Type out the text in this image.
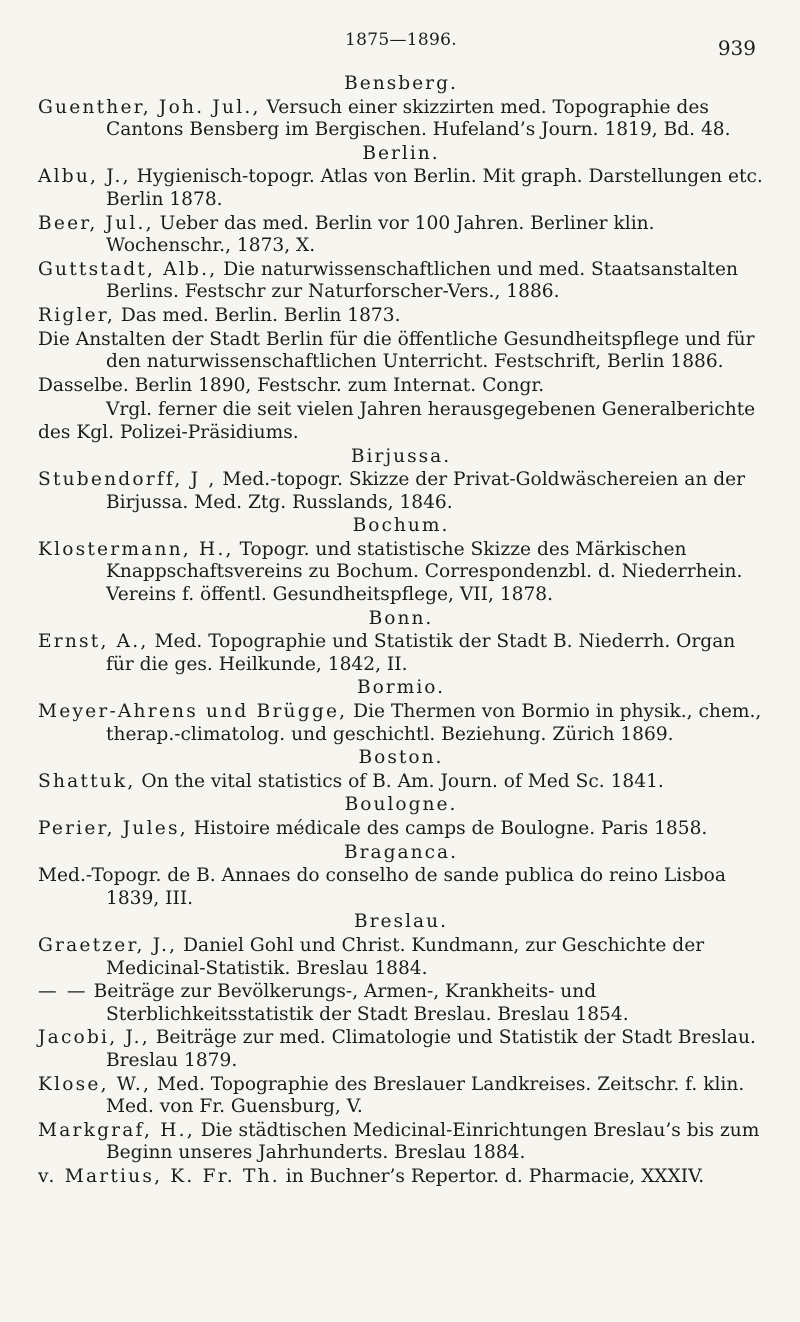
1875—1896.	939
Bensberg.
Guenther, Joh. Jul., Versuch einer skizzirten med. Topographie des Cantons Bensberg im Bergischen. Hufeland’s Journ. 1819, Bd. 48.
Berlin.
Albu, J., Hygienisch-topogr. Atlas von Berlin. Mit graph. Darstellungen etc. Berlin 1878.
Beer, Jul., Ueber das med. Berlin vor 100 Jahren. Berliner klin. Wochenschr., 1873, X.
Guttstadt, Alb., Die naturwissenschaftlichen und med. Staatsanstalten Berlins. Festschr zur Naturforscher-Vers., 1886.
Rigler, Das med. Berlin. Berlin 1873.
Die Anstalten der Stadt Berlin für die öffentliche Gesundheitspflege und für den naturwissenschaftlichen Unterricht. Festschrift, Berlin 1886.
Dasselbe. Berlin 1890, Festschr. zum Internat. Congr.
Vrgl. ferner die seit vielen Jahren herausgegebenen Generalberichte des Kgl. Polizei-Präsidiums.
Birjussa.
Stubendorff, J , Med.-topogr. Skizze der Privat-Goldwäschereien an der Birjussa. Med. Ztg. Russlands, 1846.
Bochum.
Klostermann, H., Topogr. und statistische Skizze des Märkischen Knappschaftsvereins zu Bochum. Correspondenzbl. d. Niederrhein. Vereins f. öffentl. Gesundheitspflege, VII, 1878.
Bonn.
Ernst, A., Med. Topographie und Statistik der Stadt B. Niederrh. Organ für die ges. Heilkunde, 1842, II.
Bormio.
Meyer-Ahrens und Brügge, Die Thermen von Bormio in physik., chem., therap.-climatolog. und geschichtl. Beziehung. Zürich 1869.
Boston.
Shattuk, On the vital statistics of B. Am. Journ. of Med Sc. 1841.
Boulogne.
Perier, Jules, Histoire médicale des camps de Boulogne. Paris 1858.
Braganca.
Med.-Topogr. de B. Annaes do conselho de sande publica do reino Lisboa 1839, III.
Breslau.
Graetzer, J., Daniel Gohl und Christ. Kundmann, zur Geschichte der Medicinal-Statistik. Breslau 1884.
— — Beiträge zur Bevölkerungs-, Armen-, Krankheits- und Sterblichkeitsstatistik der Stadt Breslau. Breslau 1854.
Jacobi, J., Beiträge zur med. Climatologie und Statistik der Stadt Breslau. Breslau 1879.
Klose, W., Med. Topographie des Breslauer Landkreises. Zeitschr. f. klin. Med. von Fr. Guensburg, V.
Markgraf, H., Die städtischen Medicinal-Einrichtungen Breslau’s bis zum Beginn unseres Jahrhunderts. Breslau 1884.
v. Martius, K. Fr. Th. in Buchner’s Repertor. d. Pharmacie, XXXIV.
